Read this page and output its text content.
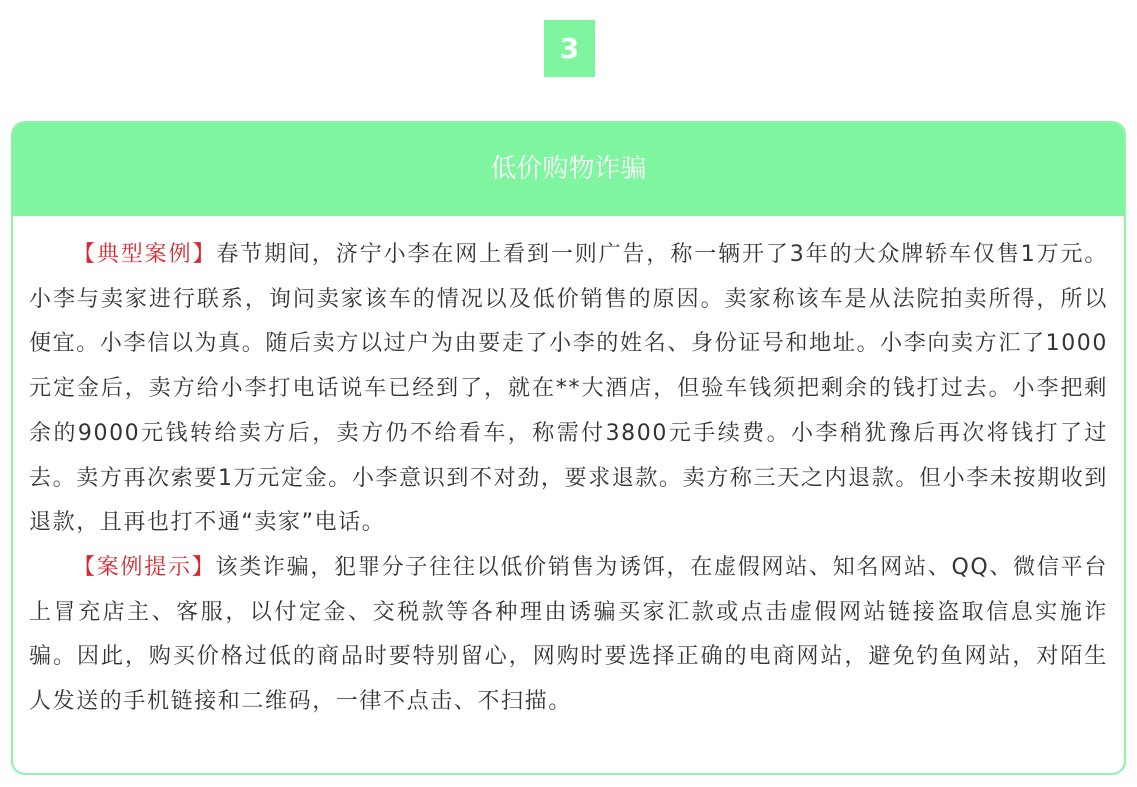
3
低价购物诈骗

【典型案例】春节期间，济宁小李在网上看到一则广告，称一辆开了3年的大众牌轿车仅售1万元。小李与卖家进行联系，询问卖家该车的情况以及低价销售的原因。卖家称该车是从法院拍卖所得，所以便宜。小李信以为真。随后卖方以过户为由要走了小李的姓名、身份证号和地址。小李向卖方汇了1000元定金后，卖方给小李打电话说车已经到了，就在**大酒店，但验车钱须把剩余的钱打过去。小李把剩余的9000元钱转给卖方后，卖方仍不给看车，称需付3800元手续费。小李稍犹豫后再次将钱打了过去。卖方再次索要1万元定金。小李意识到不对劲，要求退款。卖方称三天之内退款。但小李未按期收到退款，且再也打不通“卖家”电话。

【案例提示】该类诈骗，犯罪分子往往以低价销售为诱饵，在虚假网站、知名网站、QQ、微信平台上冒充店主、客服，以付定金、交税款等各种理由诱骗买家汇款或点击虚假网站链接盗取信息实施诈骗。因此，购买价格过低的商品时要特别留心，网购时要选择正确的电商网站，避免钓鱼网站，对陌生人发送的手机链接和二维码，一律不点击、不扫描。
